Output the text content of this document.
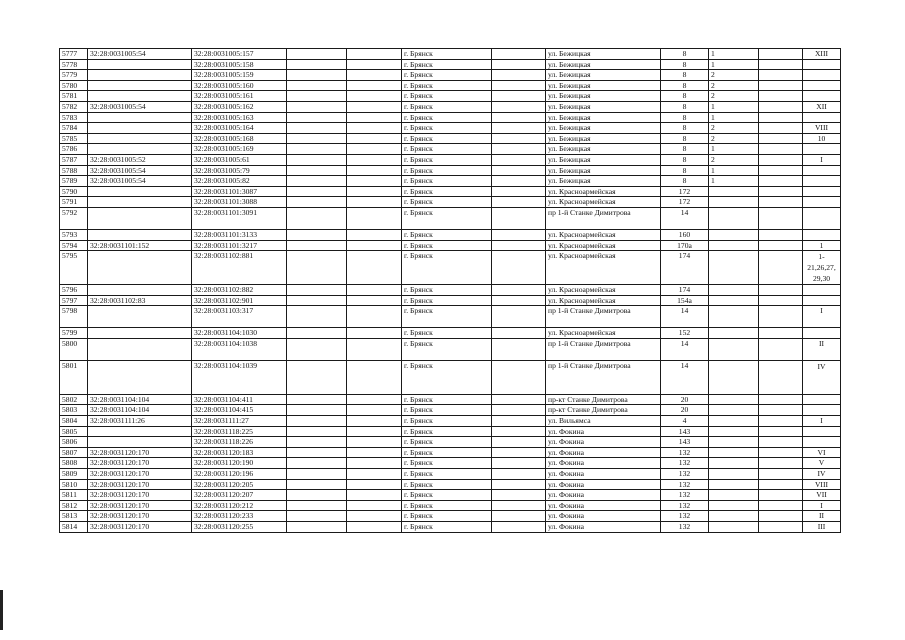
5777	32:28:0031005:54	32:28:0031005:157			г. Брянск		ул. Бежицкая	8	1		XIII
5778		32:28:0031005:158			г. Брянск		ул. Бежицкая	8	1		
5779		32:28:0031005:159			г. Брянск		ул. Бежицкая	8	2		
5780		32:28:0031005:160			г. Брянск		ул. Бежицкая	8	2		
5781		32:28:0031005:161			г. Брянск		ул. Бежицкая	8	2		
5782	32:28:0031005:54	32:28:0031005:162			г. Брянск		ул. Бежицкая	8	1		XII
5783		32:28:0031005:163			г. Брянск		ул. Бежицкая	8	1		
5784		32:28:0031005:164			г. Брянск		ул. Бежицкая	8	2		VIII
5785		32:28:0031005:168			г. Брянск		ул. Бежицкая	8	2		10
5786		32:28:0031005:169			г. Брянск		ул. Бежицкая	8	1		
5787	32:28:0031005:52	32:28:0031005:61			г. Брянск		ул. Бежицкая	8	2		I
5788	32:28:0031005:54	32:28:0031005:79			г. Брянск		ул. Бежицкая	8	1		
5789	32:28:0031005:54	32:28:0031005:82			г. Брянск		ул. Бежицкая	8	1		
5790		32:28:0031101:3087			г. Брянск		ул. Красноармейская	172			
5791		32:28:0031101:3088			г. Брянск		ул. Красноармейская	172			
5792		32:28:0031101:3091			г. Брянск		пр 1-й Станке Димитрова	14			
5793		32:28:0031101:3133			г. Брянск		ул. Красноармейская	160			
5794	32:28:0031101:152	32:28:0031101:3217			г. Брянск		ул. Красноармейская	170а			1
5795		32:28:0031102:881			г. Брянск		ул. Красноармейская	174			1-21,26,27, 29,30
5796		32:28:0031102:882			г. Брянск		ул. Красноармейская	174			
5797	32:28:0031102:83	32:28:0031102:901			г. Брянск		ул. Красноармейская	154а			
5798		32:28:0031103:317			г. Брянск		пр 1-й Станке Димитрова	14			I
5799		32:28:0031104:1030			г. Брянск		ул. Красноармейская	152			
5800		32:28:0031104:1038			г. Брянск		пр 1-й Станке Димитрова	14			II
5801		32:28:0031104:1039			г. Брянск		пр 1-й Станке Димитрова	14			IV
5802	32:28:0031104:104	32:28:0031104:411			г. Брянск		пр-кт Станке Димитрова	20			
5803	32:28:0031104:104	32:28:0031104:415			г. Брянск		пр-кт Станке Димитрова	20			
5804	32:28:0031111:26	32:28:0031111:27			г. Брянск		ул. Вильямса	4			I
5805		32:28:0031118:225			г. Брянск		ул. Фокина	143			
5806		32:28:0031118:226			г. Брянск		ул. Фокина	143			
5807	32:28:0031120:170	32:28:0031120:183			г. Брянск		ул. Фокина	132			VI
5808	32:28:0031120:170	32:28:0031120:190			г. Брянск		ул. Фокина	132			V
5809	32:28:0031120:170	32:28:0031120:196			г. Брянск		ул. Фокина	132			IV
5810	32:28:0031120:170	32:28:0031120:205			г. Брянск		ул. Фокина	132			VIII
5811	32:28:0031120:170	32:28:0031120:207			г. Брянск		ул. Фокина	132			VII
5812	32:28:0031120:170	32:28:0031120:212			г. Брянск		ул. Фокина	132			I
5813	32:28:0031120:170	32:28:0031120:233			г. Брянск		ул. Фокина	132			II
5814	32:28:0031120:170	32:28:0031120:255			г. Брянск		ул. Фокина	132			III
